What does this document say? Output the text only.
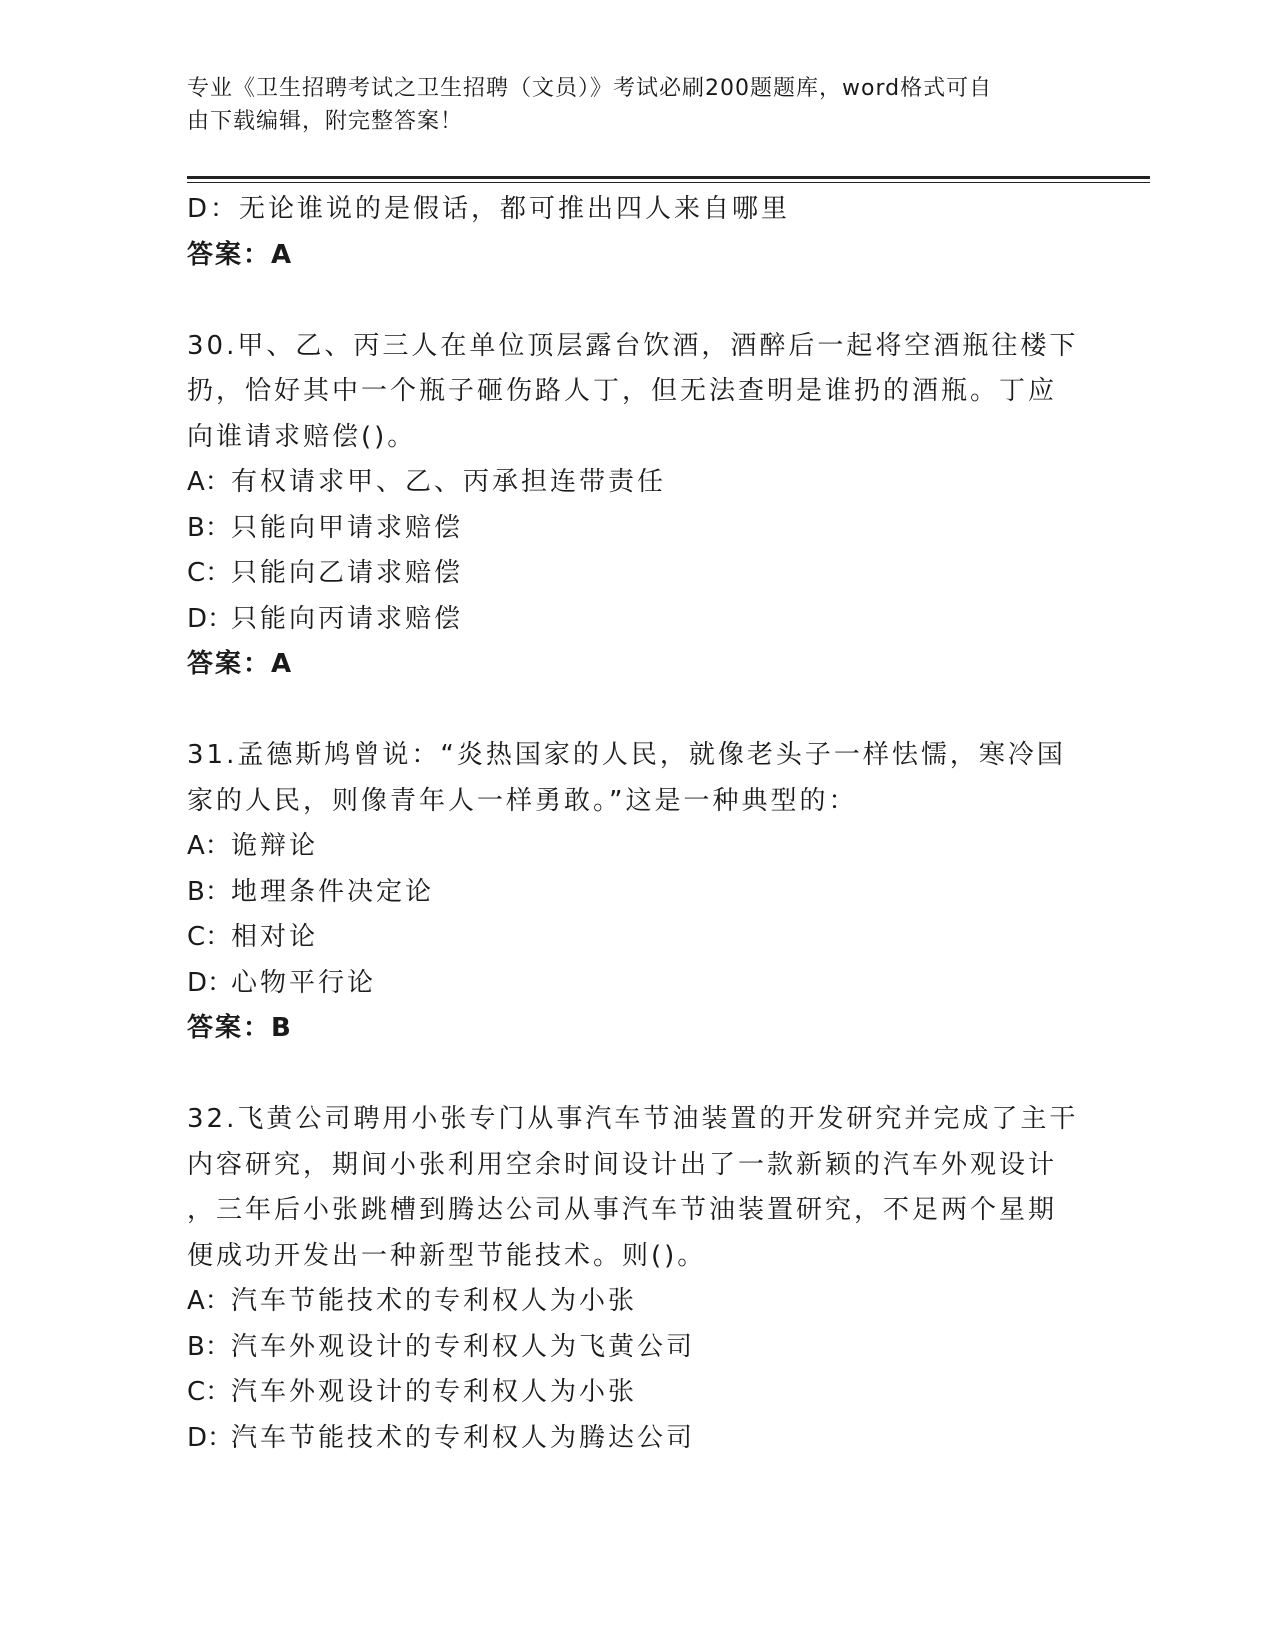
专业《卫生招聘考试之卫生招聘（文员）》考试必刷200题题库，word格式可自
由下载编辑，附完整答案！
D：无论谁说的是假话，都可推出四人来自哪里
答案：A
30.甲、乙、丙三人在单位顶层露台饮酒，酒醉后一起将空酒瓶往楼下
扔，恰好其中一个瓶子砸伤路人丁，但无法查明是谁扔的酒瓶。丁应
向谁请求赔偿()。
A：有权请求甲、乙、丙承担连带责任
B：只能向甲请求赔偿
C：只能向乙请求赔偿
D：只能向丙请求赔偿
答案：A
31.孟德斯鸠曾说：“炎热国家的人民，就像老头子一样怯懦，寒冷国
家的人民，则像青年人一样勇敢。”这是一种典型的：
A：诡辩论
B：地理条件决定论
C：相对论
D：心物平行论
答案：B
32.飞黄公司聘用小张专门从事汽车节油装置的开发研究并完成了主干
内容研究，期间小张利用空余时间设计出了一款新颖的汽车外观设计
，三年后小张跳槽到腾达公司从事汽车节油装置研究，不足两个星期
便成功开发出一种新型节能技术。则()。
A：汽车节能技术的专利权人为小张
B：汽车外观设计的专利权人为飞黄公司
C：汽车外观设计的专利权人为小张
D：汽车节能技术的专利权人为腾达公司
